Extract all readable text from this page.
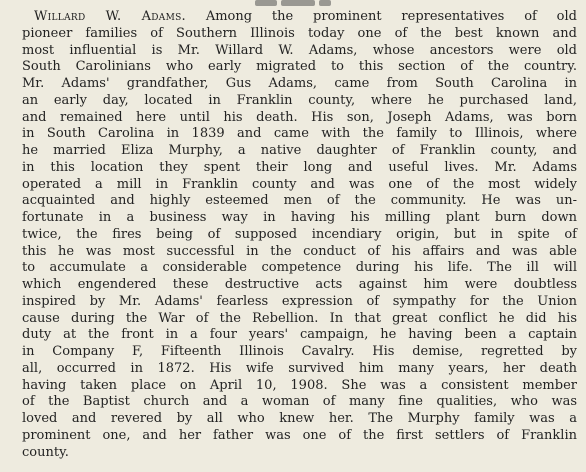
Willard W. Adams. Among the prominent representatives of old
pioneer families of Southern Illinois today one of the best known and
most influential is Mr. Willard W. Adams, whose ancestors were old
South Carolinians who early migrated to this section of the country.
Mr. Adams' grandfather, Gus Adams, came from South Carolina in
an early day, located in Franklin county, where he purchased land,
and remained here until his death. His son, Joseph Adams, was born
in South Carolina in 1839 and came with the family to Illinois, where
he married Eliza Murphy, a native daughter of Franklin county, and
in this location they spent their long and useful lives. Mr. Adams
operated a mill in Franklin county and was one of the most widely
acquainted and highly esteemed men of the community. He was un-
fortunate in a business way in having his milling plant burn down
twice, the fires being of supposed incendiary origin, but in spite of
this he was most successful in the conduct of his affairs and was able
to accumulate a considerable competence during his life. The ill will
which engendered these destructive acts against him were doubtless
inspired by Mr. Adams' fearless expression of sympathy for the Union
cause during the War of the Rebellion. In that great conflict he did his
duty at the front in a four years' campaign, he having been a captain
in Company F, Fifteenth Illinois Cavalry. His demise, regretted by
all, occurred in 1872. His wife survived him many years, her death
having taken place on April 10, 1908. She was a consistent member
of the Baptist church and a woman of many fine qualities, who was
loved and revered by all who knew her. The Murphy family was a
prominent one, and her father was one of the first settlers of Franklin
county.
